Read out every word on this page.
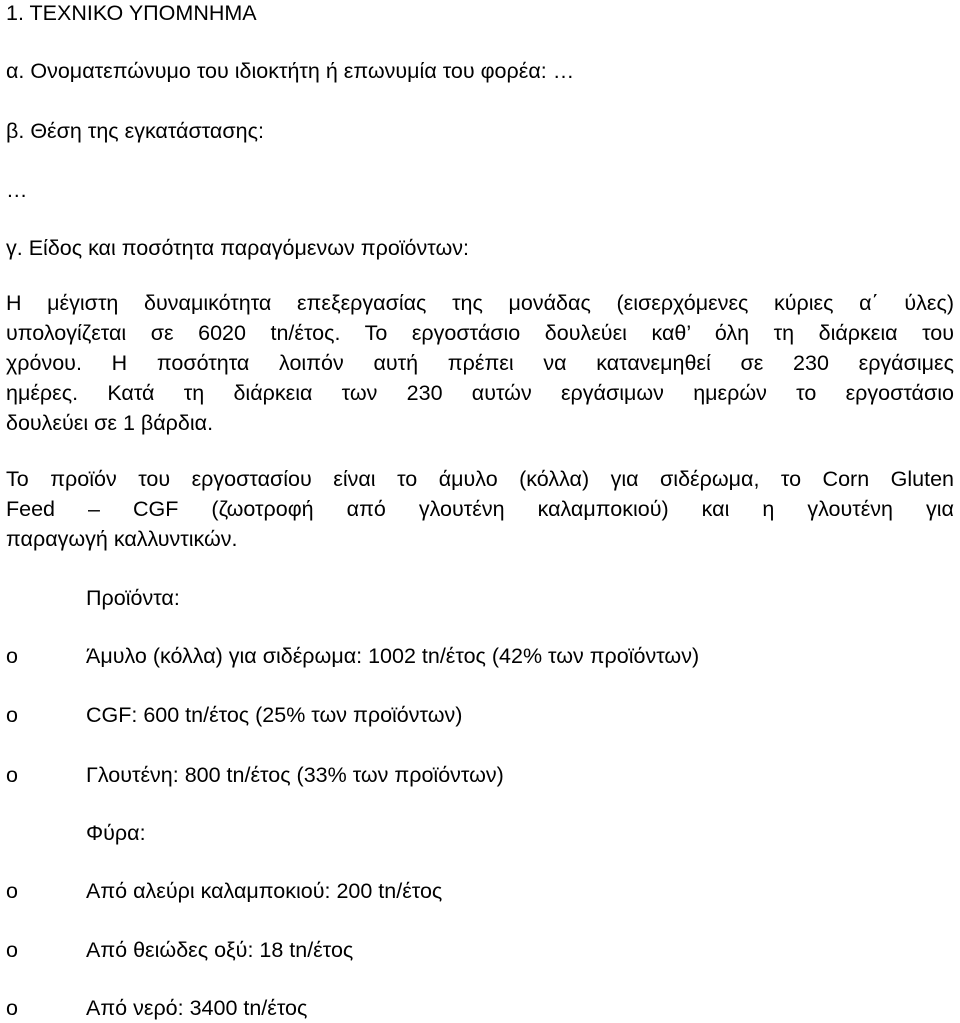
1. ΤΕΧΝΙΚΟ ΥΠΟΜΝΗΜΑ
α. Ονοματεπώνυμο του ιδιοκτήτη ή επωνυμία του φορέα: …
β. Θέση της εγκατάστασης:
…
γ. Είδος και ποσότητα παραγόμενων προϊόντων:
Η μέγιστη δυναμικότητα επεξεργασίας της μονάδας (εισερχόμενες κύριες α΄ ύλες)
υπολογίζεται σε 6020 tn/έτος. Το εργοστάσιο δουλεύει καθ’ όλη τη διάρκεια του
χρόνου. Η ποσότητα λοιπόν αυτή πρέπει να κατανεμηθεί σε 230 εργάσιμες
ημέρες. Κατά τη διάρκεια των 230 αυτών εργάσιμων ημερών το εργοστάσιο
δουλεύει σε 1 βάρδια.
Το προϊόν του εργοστασίου είναι το άμυλο (κόλλα) για σιδέρωμα, το Corn Gluten
Feed – CGF (ζωοτροφή από γλουτένη καλαμποκιού) και η γλουτένη για
παραγωγή καλλυντικών.
Προϊόντα:
o	Άμυλο (κόλλα) για σιδέρωμα: 1002 tn/έτος (42% των προϊόντων)
o	CGF: 600 tn/έτος (25% των προϊόντων)
o	Γλουτένη: 800 tn/έτος (33% των προϊόντων)
Φύρα:
o	Από αλεύρι καλαμποκιού: 200 tn/έτος
o	Από θειώδες οξύ: 18 tn/έτος
o	Από νερό: 3400 tn/έτος
